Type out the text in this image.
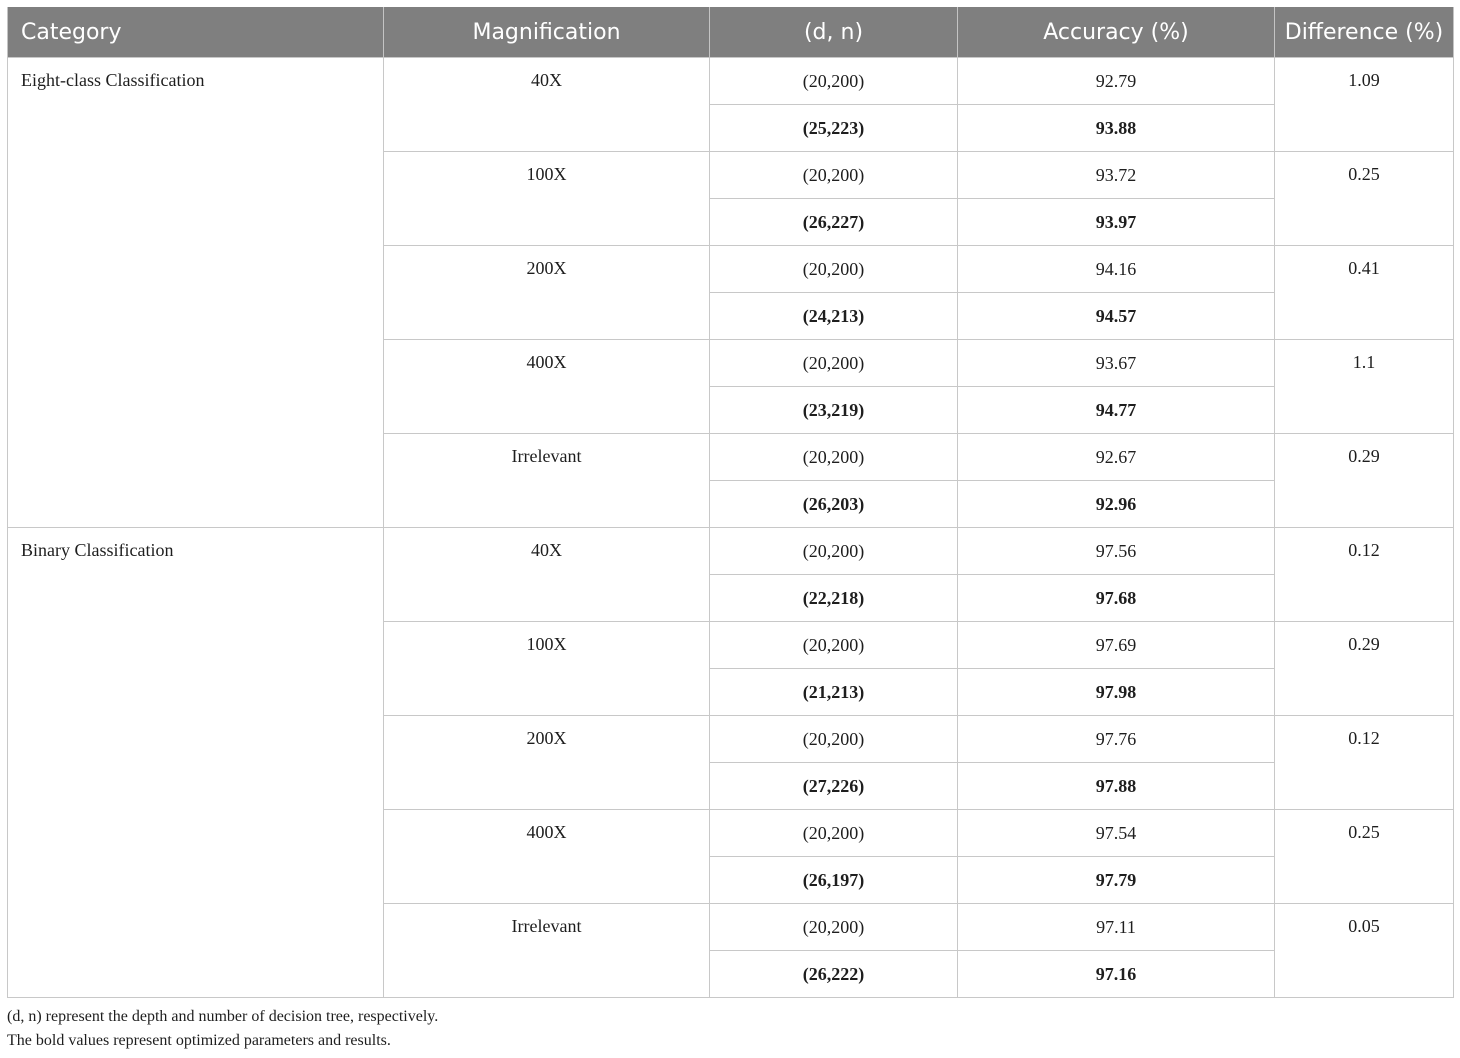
Category	Magnification	(d, n)	Accuracy (%)	Difference (%)
Eight-class Classification	40X	(20,200)	92.79	1.09
		(25,223)	93.88	
	100X	(20,200)	93.72	0.25
		(26,227)	93.97	
	200X	(20,200)	94.16	0.41
		(24,213)	94.57	
	400X	(20,200)	93.67	1.1
		(23,219)	94.77	
	Irrelevant	(20,200)	92.67	0.29
		(26,203)	92.96	
Binary Classification	40X	(20,200)	97.56	0.12
		(22,218)	97.68	
	100X	(20,200)	97.69	0.29
		(21,213)	97.98	
	200X	(20,200)	97.76	0.12
		(27,226)	97.88	
	400X	(20,200)	97.54	0.25
		(26,197)	97.79	
	Irrelevant	(20,200)	97.11	0.05
		(26,222)	97.16	
(d, n) represent the depth and number of decision tree, respectively.
The bold values represent optimized parameters and results.
